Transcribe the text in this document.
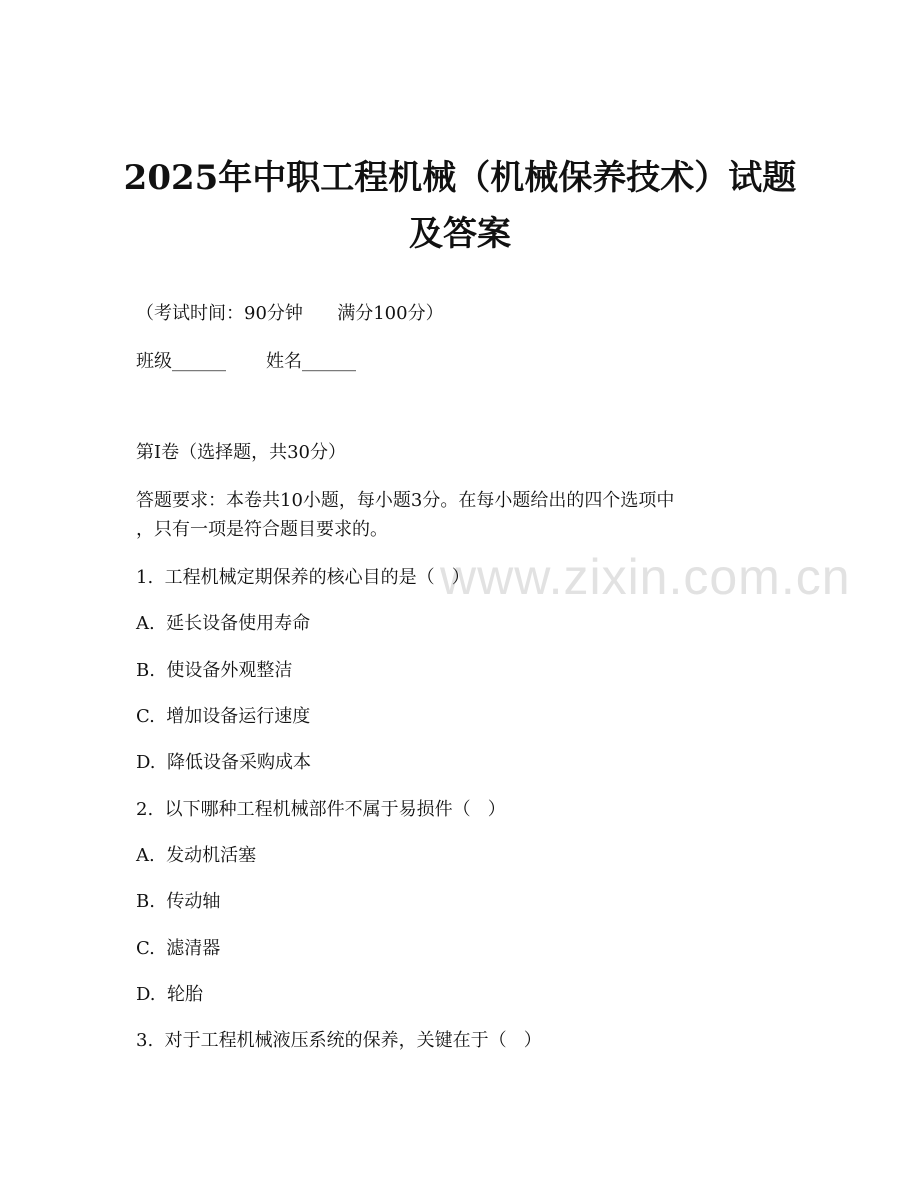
www.zixin.com.cn
2025年中职工程机械（机械保养技术）试题
及答案
（考试时间：90分钟      满分100分）
班级______       姓名______
第Ⅰ卷（选择题，共30分）
答题要求：本卷共10小题，每小题3分。在每小题给出的四个选项中
，只有一项是符合题目要求的。
1.  工程机械定期保养的核心目的是（   ）
A.  延长设备使用寿命
B.  使设备外观整洁
C.  增加设备运行速度
D.  降低设备采购成本
2.  以下哪种工程机械部件不属于易损件（   ）
A.  发动机活塞
B.  传动轴
C.  滤清器
D.  轮胎
3.  对于工程机械液压系统的保养，关键在于（   ）
